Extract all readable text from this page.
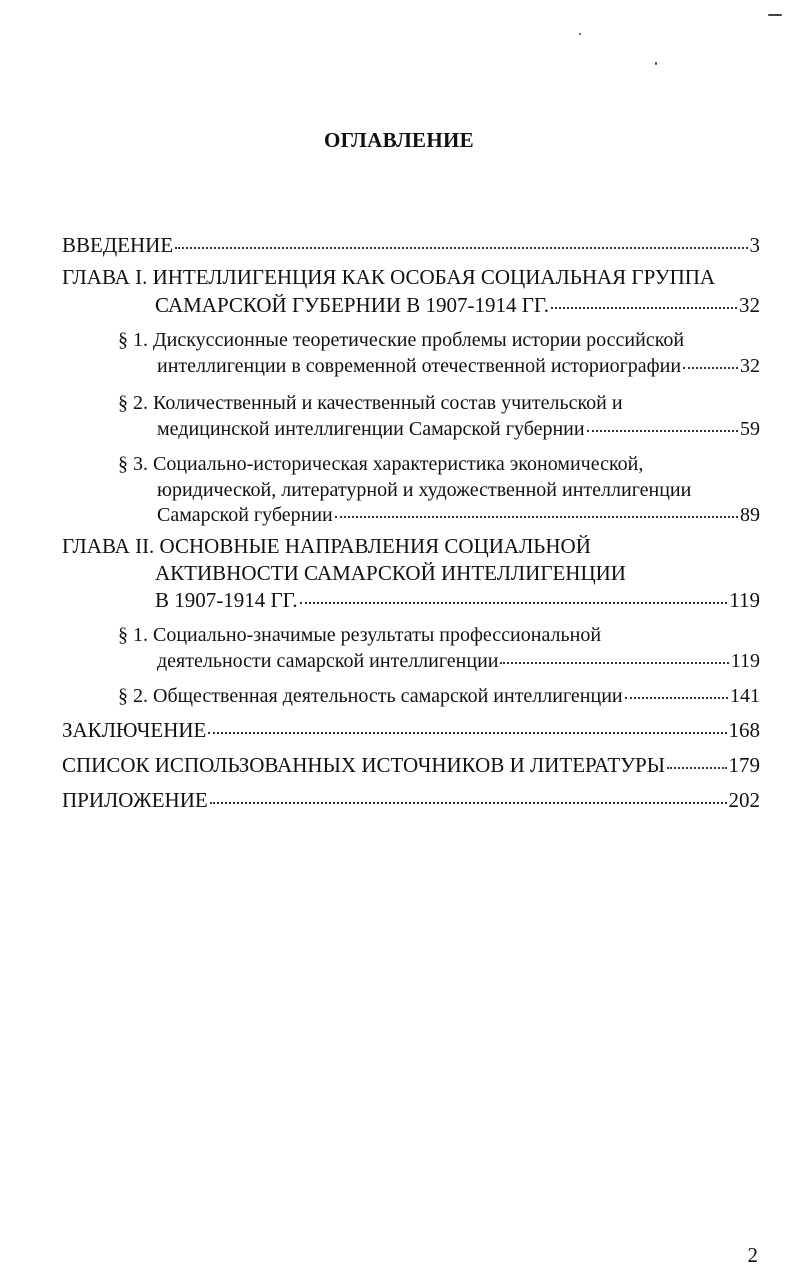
ОГЛАВЛЕНИЕ
ВВЕДЕНИЕ	3
ГЛАВА I. ИНТЕЛЛИГЕНЦИЯ КАК ОСОБАЯ СОЦИАЛЬНАЯ ГРУППА
САМАРСКОЙ ГУБЕРНИИ В 1907-1914 ГГ.	32
§ 1. Дискуссионные теоретические проблемы истории российской
интеллигенции в современной отечественной историографии	32
§ 2. Количественный и качественный состав учительской и
медицинской интеллигенции Самарской губернии	59
§ 3. Социально-историческая характеристика экономической,
юридической, литературной и художественной интеллигенции
Самарской губернии	89
ГЛАВА II. ОСНОВНЫЕ НАПРАВЛЕНИЯ СОЦИАЛЬНОЙ
АКТИВНОСТИ САМАРСКОЙ ИНТЕЛЛИГЕНЦИИ
В 1907-1914 ГГ.	119
§ 1. Социально-значимые результаты профессиональной
деятельности самарской интеллигенции	119
§ 2. Общественная деятельность самарской интеллигенции	141
ЗАКЛЮЧЕНИЕ	168
СПИСОК ИСПОЛЬЗОВАННЫХ ИСТОЧНИКОВ И ЛИТЕРАТУРЫ	179
ПРИЛОЖЕНИЕ	202
2
